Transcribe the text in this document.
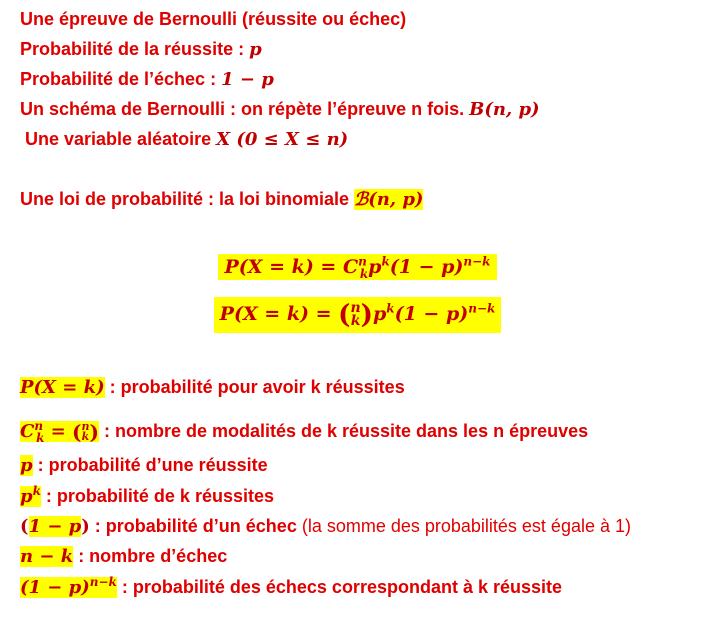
Une épreuve de Bernoulli (réussite ou échec)
Probabilité de la réussite : p
Probabilité de l’échec : 1 − p
Un schéma de Bernoulli : on répète l’épreuve n fois. B(n, p)
Une variable aléatoire X (0 ≤ X ≤ n)
Une loi de probabilité : la loi binomiale ℬ(n, p)
$P(X = k) = C^n_kp^k(1 - p)^{n-k}$
P(X = k) = (n
$k)p^k(1 - p)^{n-k}$
P(X = k) : probabilité pour avoir k réussites
$C^n_k = (n$
k) : nombre de modalités de k réussite dans les n épreuves
p : probabilité d’une réussite
$p^k$ : probabilité de k réussites
(1 − p) : probabilité d’un échec (la somme des probabilités est égale à 1)
n − k : nombre d’échec
$(1 - p)^{n-k}$ : probabilité des échecs correspondant à k réussite
